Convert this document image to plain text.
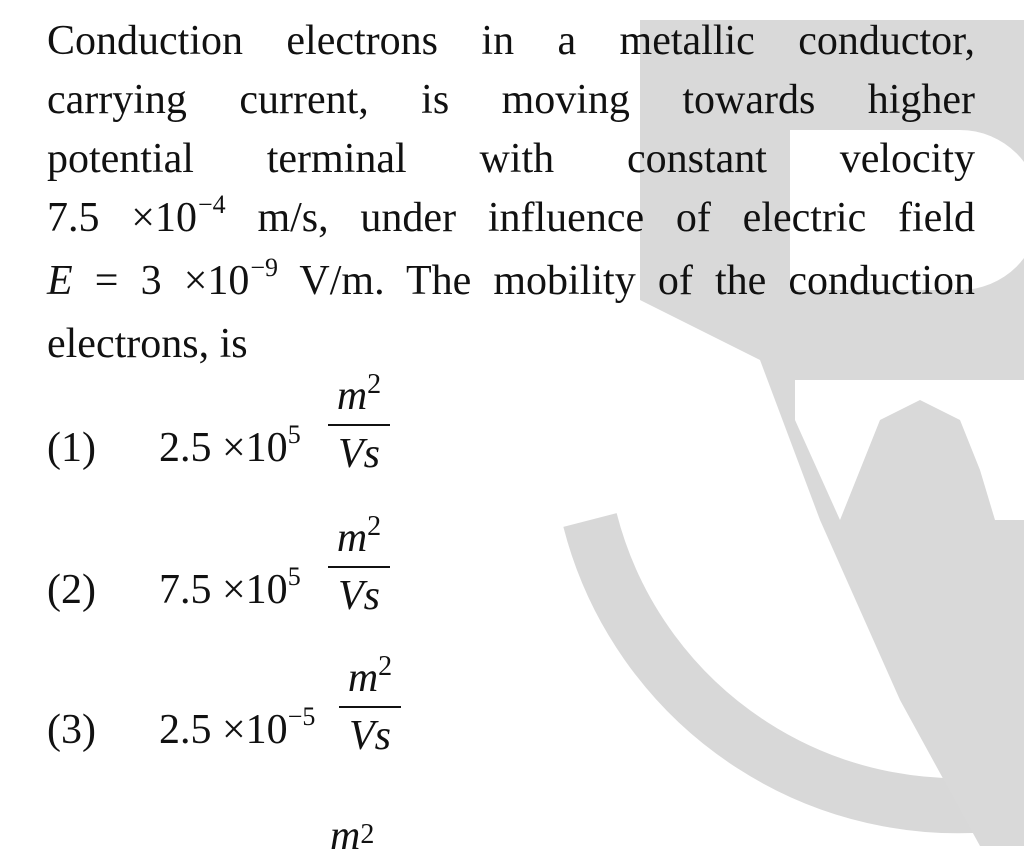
Conduction electrons in a metallic conductor,
carrying current, is moving towards higher
potential terminal with constant velocity
$7.5 \times 10^{-4}$ m/s, under influence of electric field
$E = 3 \times 10^{-9}$ V/m. The mobility of the conduction
electrons, is
(1) $2.5 \times 10^5$
$m^2$
Vs
(2) $7.5 \times 10^5$
$m^2$
Vs
(3) $2.5 \times 10^{-5}$
$m^2$
Vs
m2
